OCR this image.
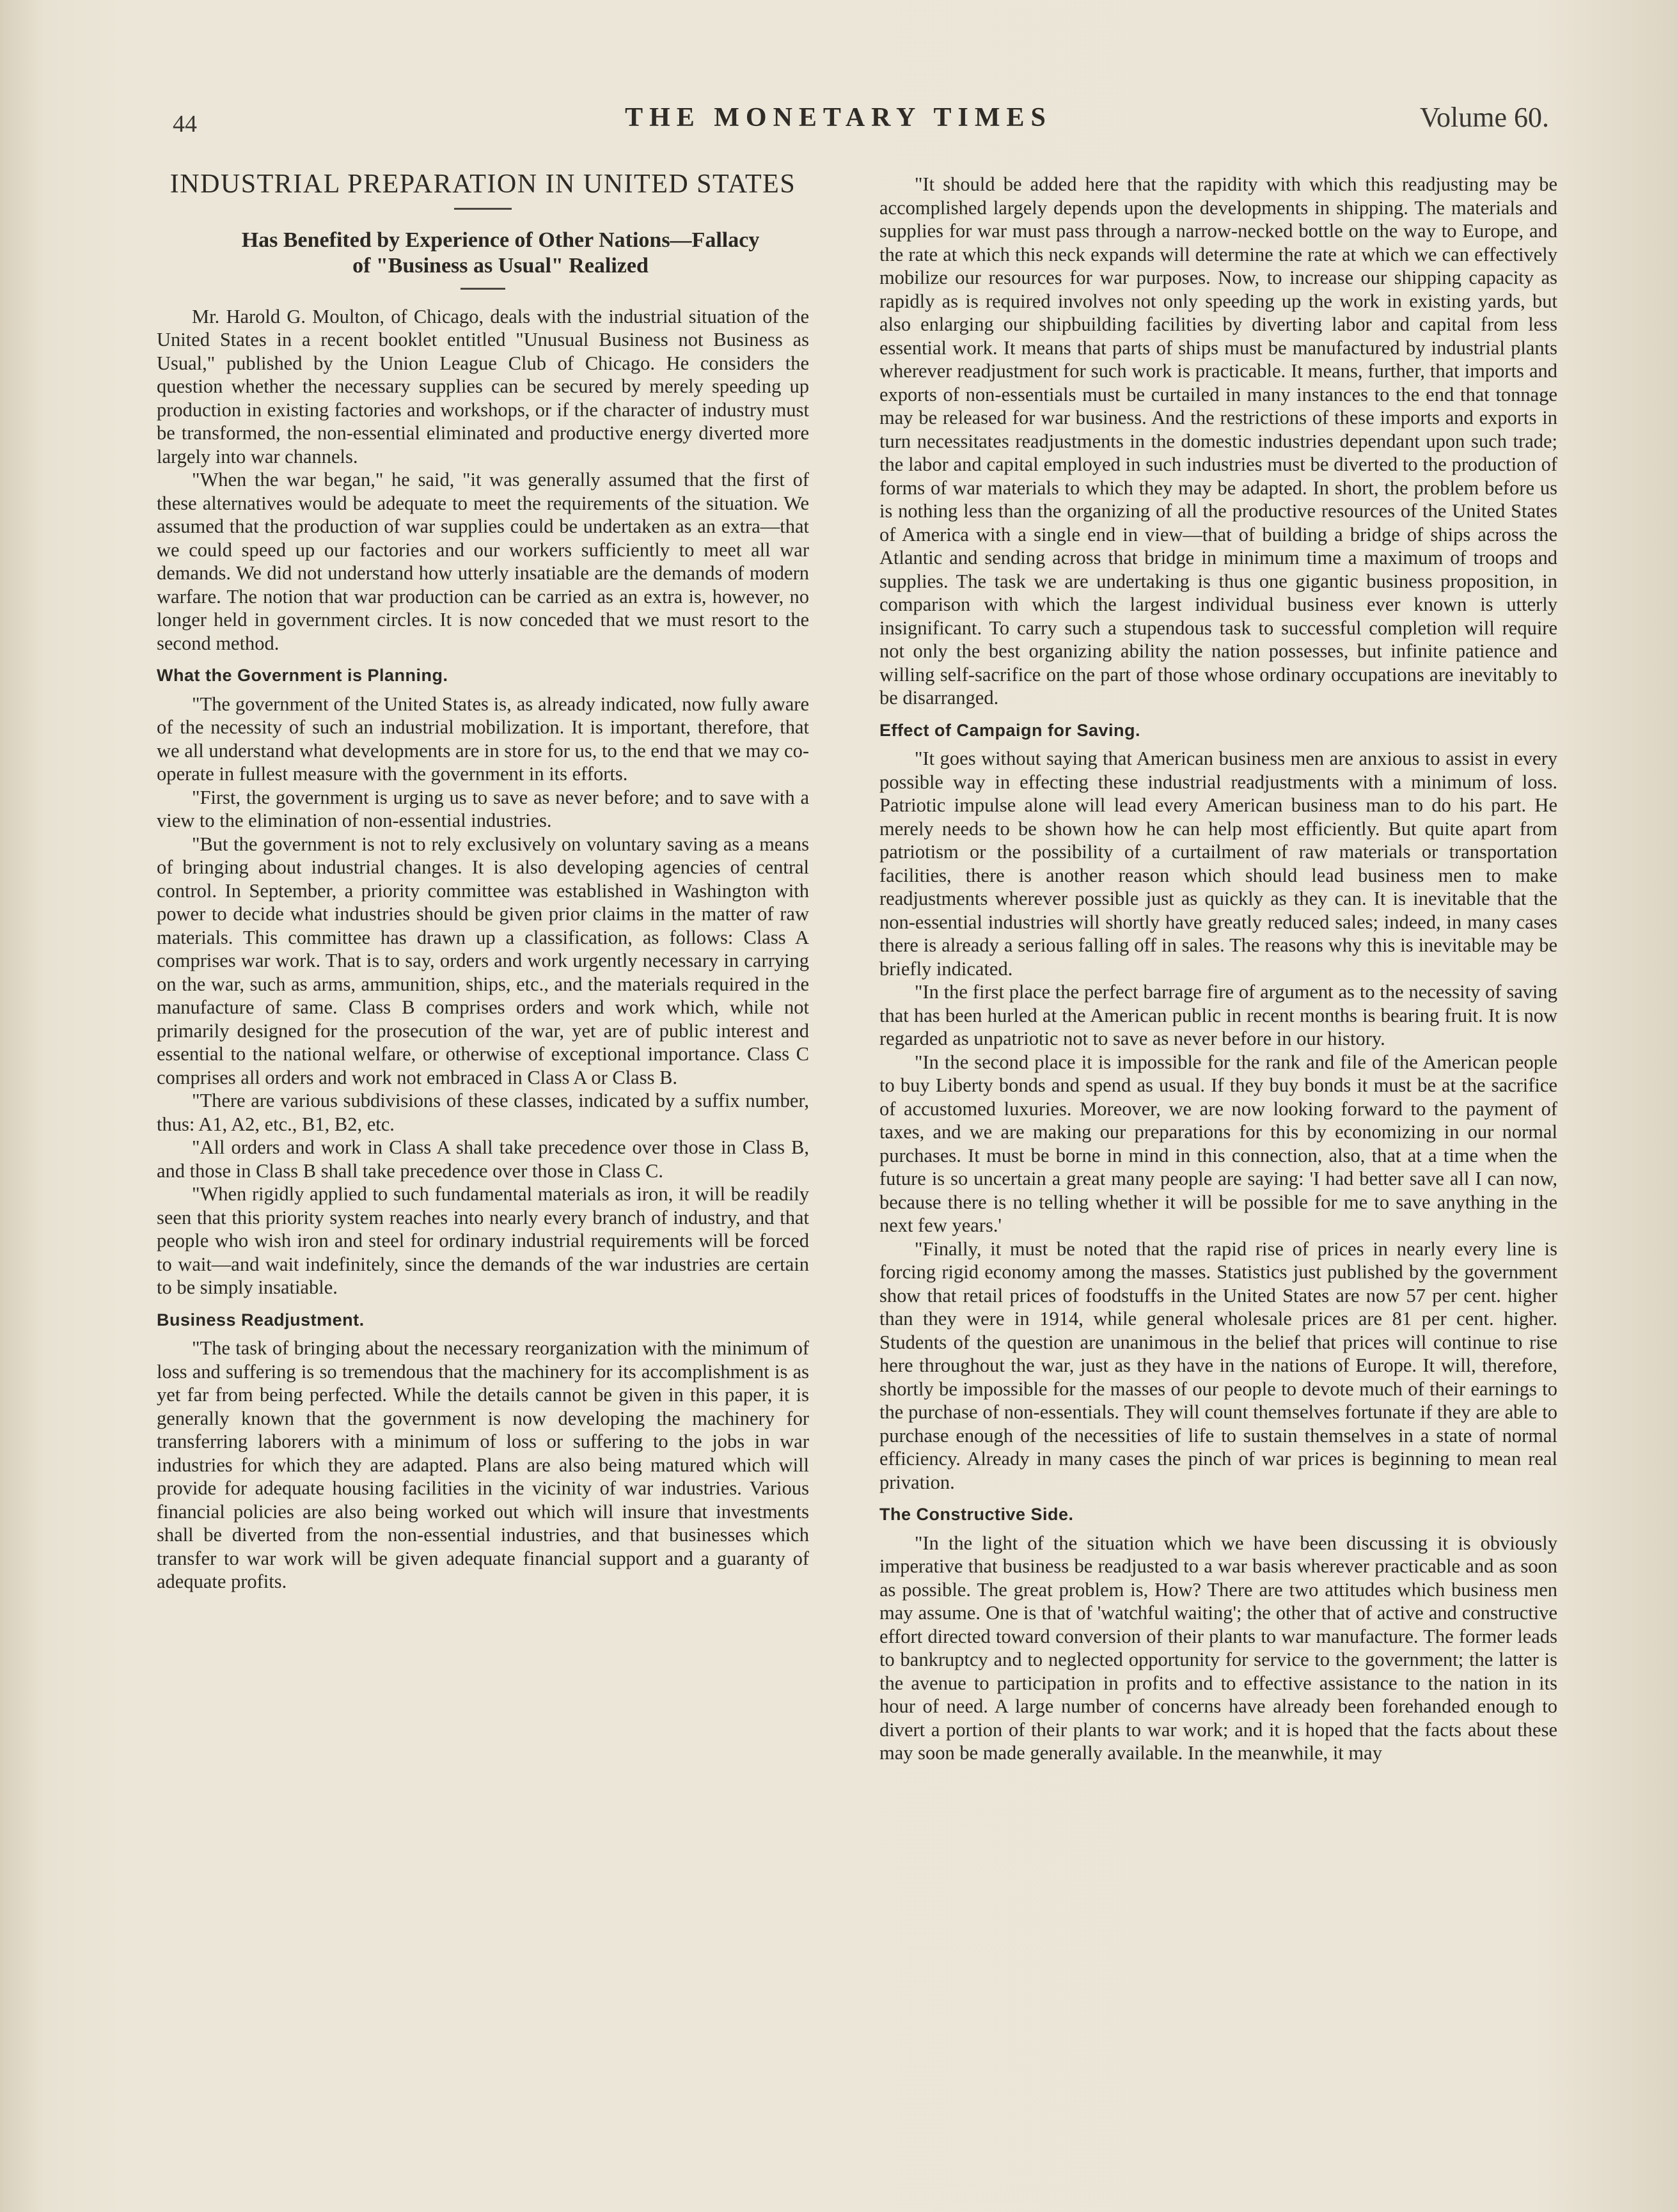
44	THE MONETARY TIMES	Volume 60.
INDUSTRIAL PREPARATION IN UNITED STATES

Has Benefited by Experience of Other Nations—Fallacy

of "Business as Usual" Realized

Mr. Harold G. Moulton, of Chicago, deals with the industrial situation of the United States in a recent booklet entitled "Unusual Business not Business as Usual," published by the Union League Club of Chicago. He considers the question whether the necessary supplies can be secured by merely speeding up production in existing factories and workshops, or if the character of industry must be transformed, the non-essential eliminated and productive energy diverted more largely into war channels.

"When the war began," he said, "it was generally assumed that the first of these alternatives would be adequate to meet the requirements of the situation. We assumed that the production of war supplies could be undertaken as an extra—that we could speed up our factories and our workers sufficiently to meet all war demands. We did not understand how utterly insatiable are the demands of modern warfare. The notion that war production can be carried as an extra is, however, no longer held in government circles. It is now conceded that we must resort to the second method.

What the Government is Planning.

"The government of the United States is, as already indicated, now fully aware of the necessity of such an industrial mobilization. It is important, therefore, that we all understand what developments are in store for us, to the end that we may co-operate in fullest measure with the government in its efforts.

"First, the government is urging us to save as never before; and to save with a view to the elimination of non-essential industries.

"But the government is not to rely exclusively on voluntary saving as a means of bringing about industrial changes. It is also developing agencies of central control. In September, a priority committee was established in Washington with power to decide what industries should be given prior claims in the matter of raw materials. This committee has drawn up a classification, as follows: Class A comprises war work. That is to say, orders and work urgently necessary in carrying on the war, such as arms, ammunition, ships, etc., and the materials required in the manufacture of same. Class B comprises orders and work which, while not primarily designed for the prosecution of the war, yet are of public interest and essential to the national welfare, or otherwise of exceptional importance. Class C comprises all orders and work not embraced in Class A or Class B.

"There are various subdivisions of these classes, indicated by a suffix number, thus: A1, A2, etc., B1, B2, etc.

"All orders and work in Class A shall take precedence over those in Class B, and those in Class B shall take precedence over those in Class C.

"When rigidly applied to such fundamental materials as iron, it will be readily seen that this priority system reaches into nearly every branch of industry, and that people who wish iron and steel for ordinary industrial requirements will be forced to wait—and wait indefinitely, since the demands of the war industries are certain to be simply insatiable.

Business Readjustment.

"The task of bringing about the necessary reorganization with the minimum of loss and suffering is so tremendous that the machinery for its accomplishment is as yet far from being perfected. While the details cannot be given in this paper, it is generally known that the government is now developing the machinery for transferring laborers with a minimum of loss or suffering to the jobs in war industries for which they are adapted. Plans are also being matured which will provide for adequate housing facilities in the vicinity of war industries. Various financial policies are also being worked out which will insure that investments shall be diverted from the non-essential industries, and that businesses which transfer to war work will be given adequate financial support and a guaranty of adequate profits.

"It should be added here that the rapidity with which this readjusting may be accomplished largely depends upon the developments in shipping. The materials and supplies for war must pass through a narrow-necked bottle on the way to Europe, and the rate at which this neck expands will determine the rate at which we can effectively mobilize our resources for war purposes. Now, to increase our shipping capacity as rapidly as is required involves not only speeding up the work in existing yards, but also enlarging our shipbuilding facilities by diverting labor and capital from less essential work. It means that parts of ships must be manufactured by industrial plants wherever readjustment for such work is practicable. It means, further, that imports and exports of non-essentials must be curtailed in many instances to the end that tonnage may be released for war business. And the restrictions of these imports and exports in turn necessitates readjustments in the domestic industries dependant upon such trade; the labor and capital employed in such industries must be diverted to the production of forms of war materials to which they may be adapted. In short, the problem before us is nothing less than the organizing of all the productive resources of the United States of America with a single end in view—that of building a bridge of ships across the Atlantic and sending across that bridge in minimum time a maximum of troops and supplies. The task we are undertaking is thus one gigantic business proposition, in comparison with which the largest individual business ever known is utterly insignificant. To carry such a stupendous task to successful completion will require not only the best organizing ability the nation possesses, but infinite patience and willing self-sacrifice on the part of those whose ordinary occupations are inevitably to be disarranged.

Effect of Campaign for Saving.

"It goes without saying that American business men are anxious to assist in every possible way in effecting these industrial readjustments with a minimum of loss. Patriotic impulse alone will lead every American business man to do his part. He merely needs to be shown how he can help most efficiently. But quite apart from patriotism or the possibility of a curtailment of raw materials or transportation facilities, there is another reason which should lead business men to make readjustments wherever possible just as quickly as they can. It is inevitable that the non-essential industries will shortly have greatly reduced sales; indeed, in many cases there is already a serious falling off in sales. The reasons why this is inevitable may be briefly indicated.

"In the first place the perfect barrage fire of argument as to the necessity of saving that has been hurled at the American public in recent months is bearing fruit. It is now regarded as unpatriotic not to save as never before in our history.

"In the second place it is impossible for the rank and file of the American people to buy Liberty bonds and spend as usual. If they buy bonds it must be at the sacrifice of accustomed luxuries. Moreover, we are now looking forward to the payment of taxes, and we are making our preparations for this by economizing in our normal purchases. It must be borne in mind in this connection, also, that at a time when the future is so uncertain a great many people are saying: 'I had better save all I can now, because there is no telling whether it will be possible for me to save anything in the next few years.'

"Finally, it must be noted that the rapid rise of prices in nearly every line is forcing rigid economy among the masses. Statistics just published by the government show that retail prices of foodstuffs in the United States are now 57 per cent. higher than they were in 1914, while general wholesale prices are 81 per cent. higher. Students of the question are unanimous in the belief that prices will continue to rise here throughout the war, just as they have in the nations of Europe. It will, therefore, shortly be impossible for the masses of our people to devote much of their earnings to the purchase of non-essentials. They will count themselves fortunate if they are able to purchase enough of the necessities of life to sustain themselves in a state of normal efficiency. Already in many cases the pinch of war prices is beginning to mean real privation.

The Constructive Side.

"In the light of the situation which we have been discussing it is obviously imperative that business be readjusted to a war basis wherever practicable and as soon as possible. The great problem is, How? There are two attitudes which business men may assume. One is that of 'watchful waiting'; the other that of active and constructive effort directed toward conversion of their plants to war manufacture. The former leads to bankruptcy and to neglected opportunity for service to the government; the latter is the avenue to participation in profits and to effective assistance to the nation in its hour of need. A large number of concerns have already been forehanded enough to divert a portion of their plants to war work; and it is hoped that the facts about these may soon be made generally available. In the meanwhile, it may
